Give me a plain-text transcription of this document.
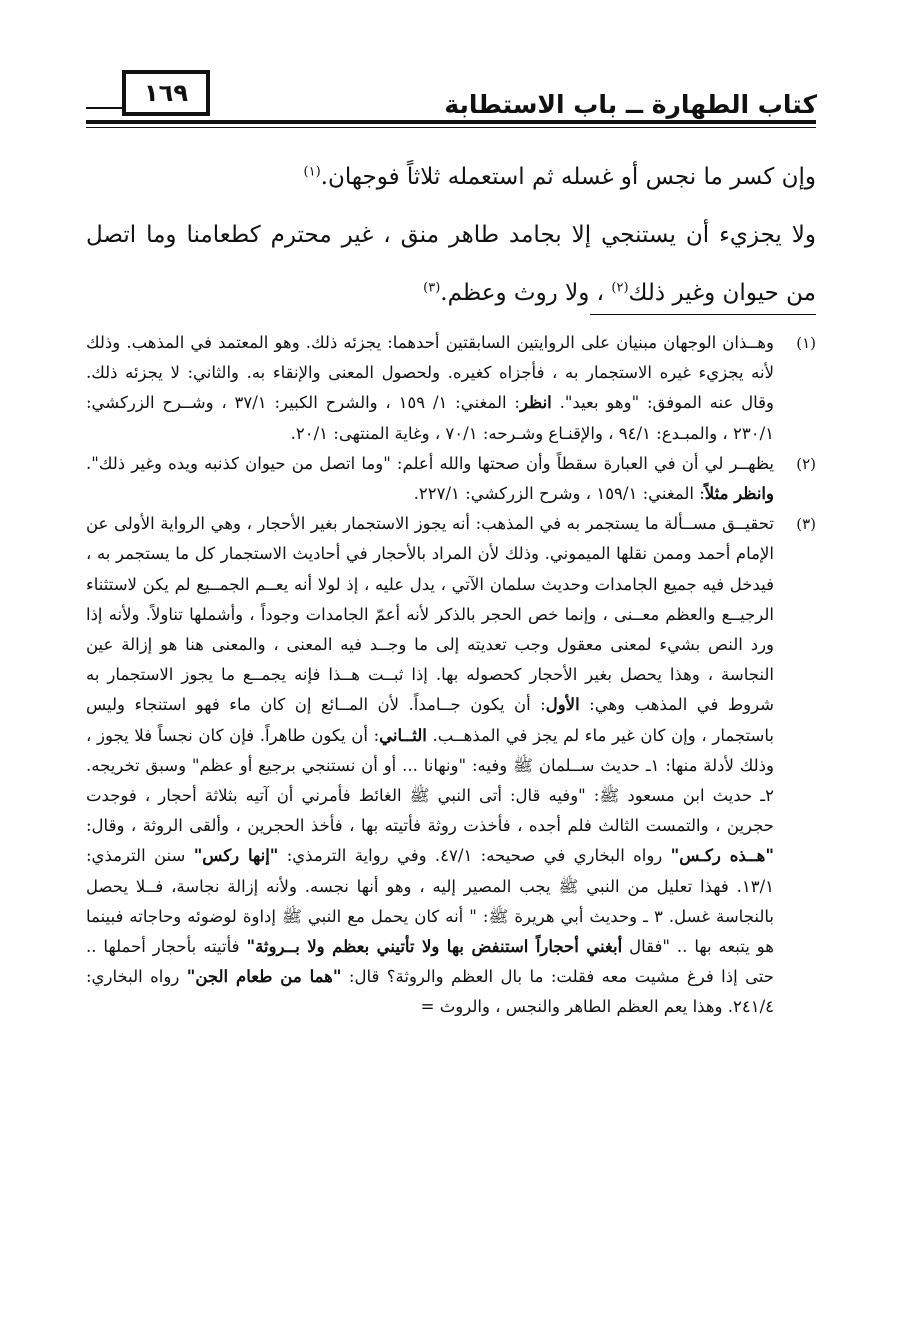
١٦٩	كتاب الطهارة ــ باب الاستطابة

وإن كسر ما نجس أو غسله ثم استعمله ثلاثاً فوجهان.$^{(١)}$

ولا يجزيء أن يستنجي إلا بجامد طاهر منق ، غير محترم كطعامنا وما اتصل من حيوان وغير ذلك$^{(٢)}$ ، ولا روث وعظم.$^{(٣)}$

(١)

وهــذان الوجهان مبنيان على الروايتين السابقتين أحدهما: يجزئه ذلك. وهو المعتمد في المذهب. وذلك لأنه يجزيء غيره الاستجمار به ، فأجزاه كغيره. ولحصول المعنى والإنقاء به. والثاني: لا يجزئه ذلك. وقال عنه الموفق: "وهو بعيد". انظر: المغني: ١/ ١٥٩ ، والشرح الكبير: ٣٧/١ ، وشــرح الزركشي: ٢٣٠/١ ، والمبـدع: ٩٤/١ ، والإقنـاع وشـرحه: ٧٠/١ ، وغاية المنتهى: ٢٠/١.

(٢)

يظهــر لي أن في العبارة سقطاً وأن صحتها والله أعلم: "وما اتصل من حيوان كذنبه ويده وغير ذلك". وانظر مثلاً: المغني: ١٥٩/١ ، وشرح الزركشي: ٢٢٧/١.

(٣)

تحقيــق مســألة ما يستجمر به في المذهب: أنه يجوز الاستجمار بغير الأحجار ، وهي الرواية الأولى عن الإمام أحمد وممن نقلها الميموني. وذلك لأن المراد بالأحجار في أحاديث الاستجمار كل ما يستجمر به ، فيدخل فيه جميع الجامدات وحديث سلمان الآتي ، يدل عليه ، إذ لولا أنه يعــم الجمــيع لم يكن لاستثناء الرجيــع والعظم معــنى ، وإنما خص الحجر بالذكر لأنه أعمّ الجامدات وجوداً ، وأشملها تناولاً. ولأنه إذا ورد النص بشيء لمعنى معقول وجب تعديته إلى ما وجــد فيه المعنى ، والمعنى هنا هو إزالة عين النجاسة ، وهذا يحصل بغير الأحجار كحصوله بها. إذا ثبــت هــذا فإنه يجمــع ما يجوز الاستجمار به شروط في المذهب وهي: الأول: أن يكون جــامداً. لأن المــائع إن كان ماء فهو استنجاء وليس باستجمار ، وإن كان غير ماء لم يجز في المذهــب. الثــاني: أن يكون طاهراً. فإن كان نجساً فلا يجوز ، وذلك لأدلة منها: ١ـ حديث ســلمان ﷺ وفيه: "ونهانا ... أو أن نستنجي برجيع أو عظم" وسبق تخريجه. ٢ـ حديث ابن مسعود ﷺ: "وفيه قال: أتى النبي ﷺ الغائط فأمرني أن آتيه بثلاثة أحجار ، فوجدت حجرين ، والتمست الثالث فلم أجده ، فأخذت روثة فأتيته بها ، فأخذ الحجرين ، وألقى الروثة ، وقال: "هــذه ركـس" رواه البخاري في صحيحه: ٤٧/١. وفي رواية الترمذي: "إنها ركس" سنن الترمذي: ١٣/١. فهذا تعليل من النبي ﷺ يجب المصير إليه ، وهو أنها نجسه. ولأنه إزالة نجاسة، فــلا يحصل بالنجاسة غسل. ٣ ـ وحديث أبي هريرة ﷺ: " أنه كان يحمل مع النبي ﷺ إداوة لوضوئه وحاجاته فبينما هو يتبعه بها .. "فقال أبغني أحجاراً استنفض بها ولا تأتيني بعظم ولا بــروثة" فأتيته بأحجار أحملها .. حتى إذا فرغ مشيت معه فقلت: ما بال العظم والروثة؟ قال: "هما من طعام الجن" رواه البخاري: ٢٤١/٤. وهذا يعم العظم الطاهر والنجس ، والروث =
